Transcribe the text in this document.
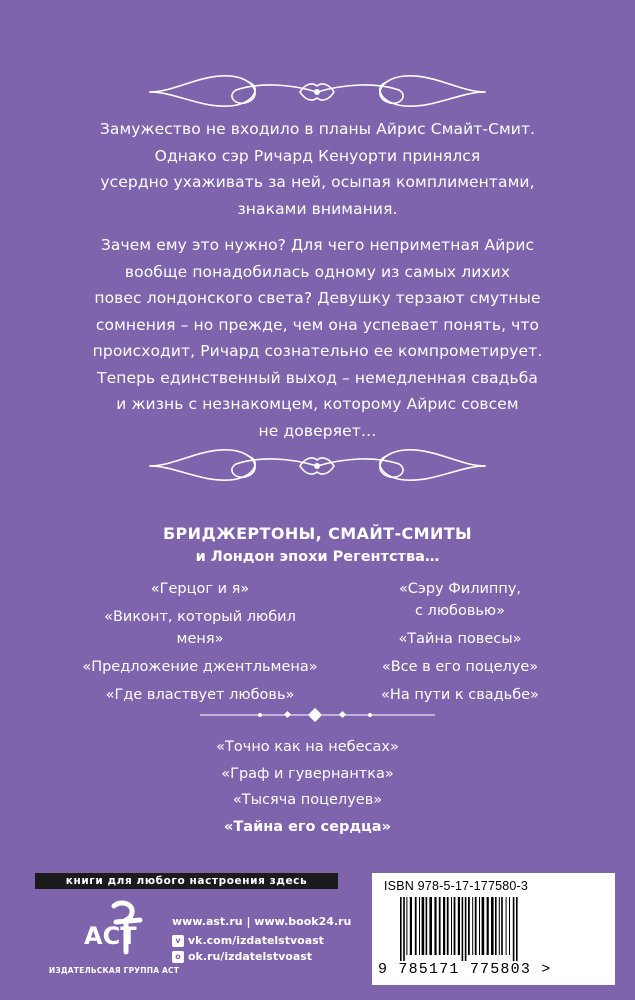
Замужество не входило в планы Айрис Смайт-Смит.
Однако сэр Ричард Кенуорти принялся
усердно ухаживать за ней, осыпая комплиментами,
знаками внимания.
Зачем ему это нужно? Для чего неприметная Айрис
вообще понадобилась одному из самых лихих
повес лондонского света? Девушку терзают смутные
сомнения – но прежде, чем она успевает понять, что
происходит, Ричард сознательно ее компрометирует.
Теперь единственный выход – немедленная свадьба
и жизнь с незнакомцем, которому Айрис совсем
не доверяет…
БРИДЖЕРТОНЫ, СМАЙТ-СМИТЫ
и Лондон эпохи Регентства…
«Герцог и я»
«Виконт, который любил
меня»
«Предложение джентльмена»
«Где властвует любовь»
«Сэру Филиппу,
с любовью»
«Тайна повесы»
«Все в его поцелуе»
«На пути к свадьбе»
«Точно как на небесах»
«Граф и гувернантка»
«Тысяча поцелуев»
«Тайна его сердца»
книги для любого настроения здесь
ACT
ИЗДАТЕЛЬСКАЯ ГРУППА АСТ
www.ast.ru | www.book24.ru
v vk.com/izdatelstvoast
o ok.ru/izdatelstvoast
ISBN 978-5-17-177580-3
9 785171 775803 >
